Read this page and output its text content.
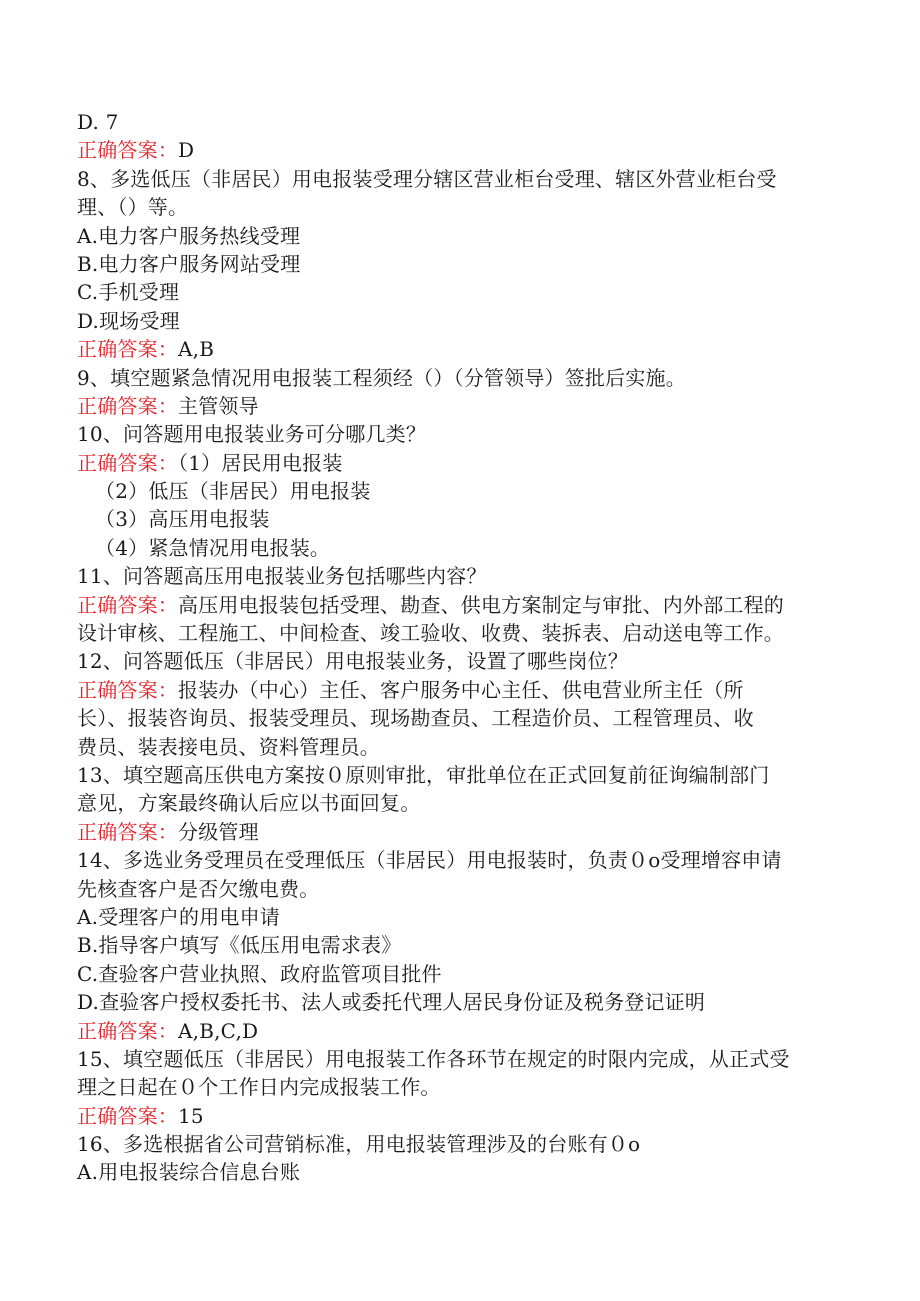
D. 7
正确答案：D
8、多选低压（非居民）用电报装受理分辖区营业柜台受理、辖区外营业柜台受
理、（）等。
A.电力客户服务热线受理
B.电力客户服务网站受理
C.手机受理
D.现场受理
正确答案：A,B
9、填空题紧急情况用电报装工程须经（）（分管领导）签批后实施。
正确答案：主管领导
10、问答题用电报装业务可分哪几类？
正确答案：（1）居民用电报装
（2）低压（非居民）用电报装
（3）高压用电报装
（4）紧急情况用电报装。
11、问答题高压用电报装业务包括哪些内容？
正确答案：高压用电报装包括受理、勘查、供电方案制定与审批、内外部工程的
设计审核、工程施工、中间检查、竣工验收、收费、装拆表、启动送电等工作。
12、问答题低压（非居民）用电报装业务，设置了哪些岗位？
正确答案：报装办（中心）主任、客户服务中心主任、供电营业所主任（所
长）、报装咨询员、报装受理员、现场勘查员、工程造价员、工程管理员、收
费员、装表接电员、资料管理员。
13、填空题高压供电方案按０原则审批，审批单位在正式回复前征询编制部门
意见，方案最终确认后应以书面回复。
正确答案：分级管理
14、多选业务受理员在受理低压（非居民）用电报装时，负责０o受理增容申请
先核查客户是否欠缴电费。
A.受理客户的用电申请
B.指导客户填写《低压用电需求表》
C.查验客户营业执照、政府监管项目批件
D.查验客户授权委托书、法人或委托代理人居民身份证及税务登记证明
正确答案：A,B,C,D
15、填空题低压（非居民）用电报装工作各环节在规定的时限内完成，从正式受
理之日起在０个工作日内完成报装工作。
正确答案：15
16、多选根据省公司营销标准，用电报装管理涉及的台账有０o
A.用电报装综合信息台账
